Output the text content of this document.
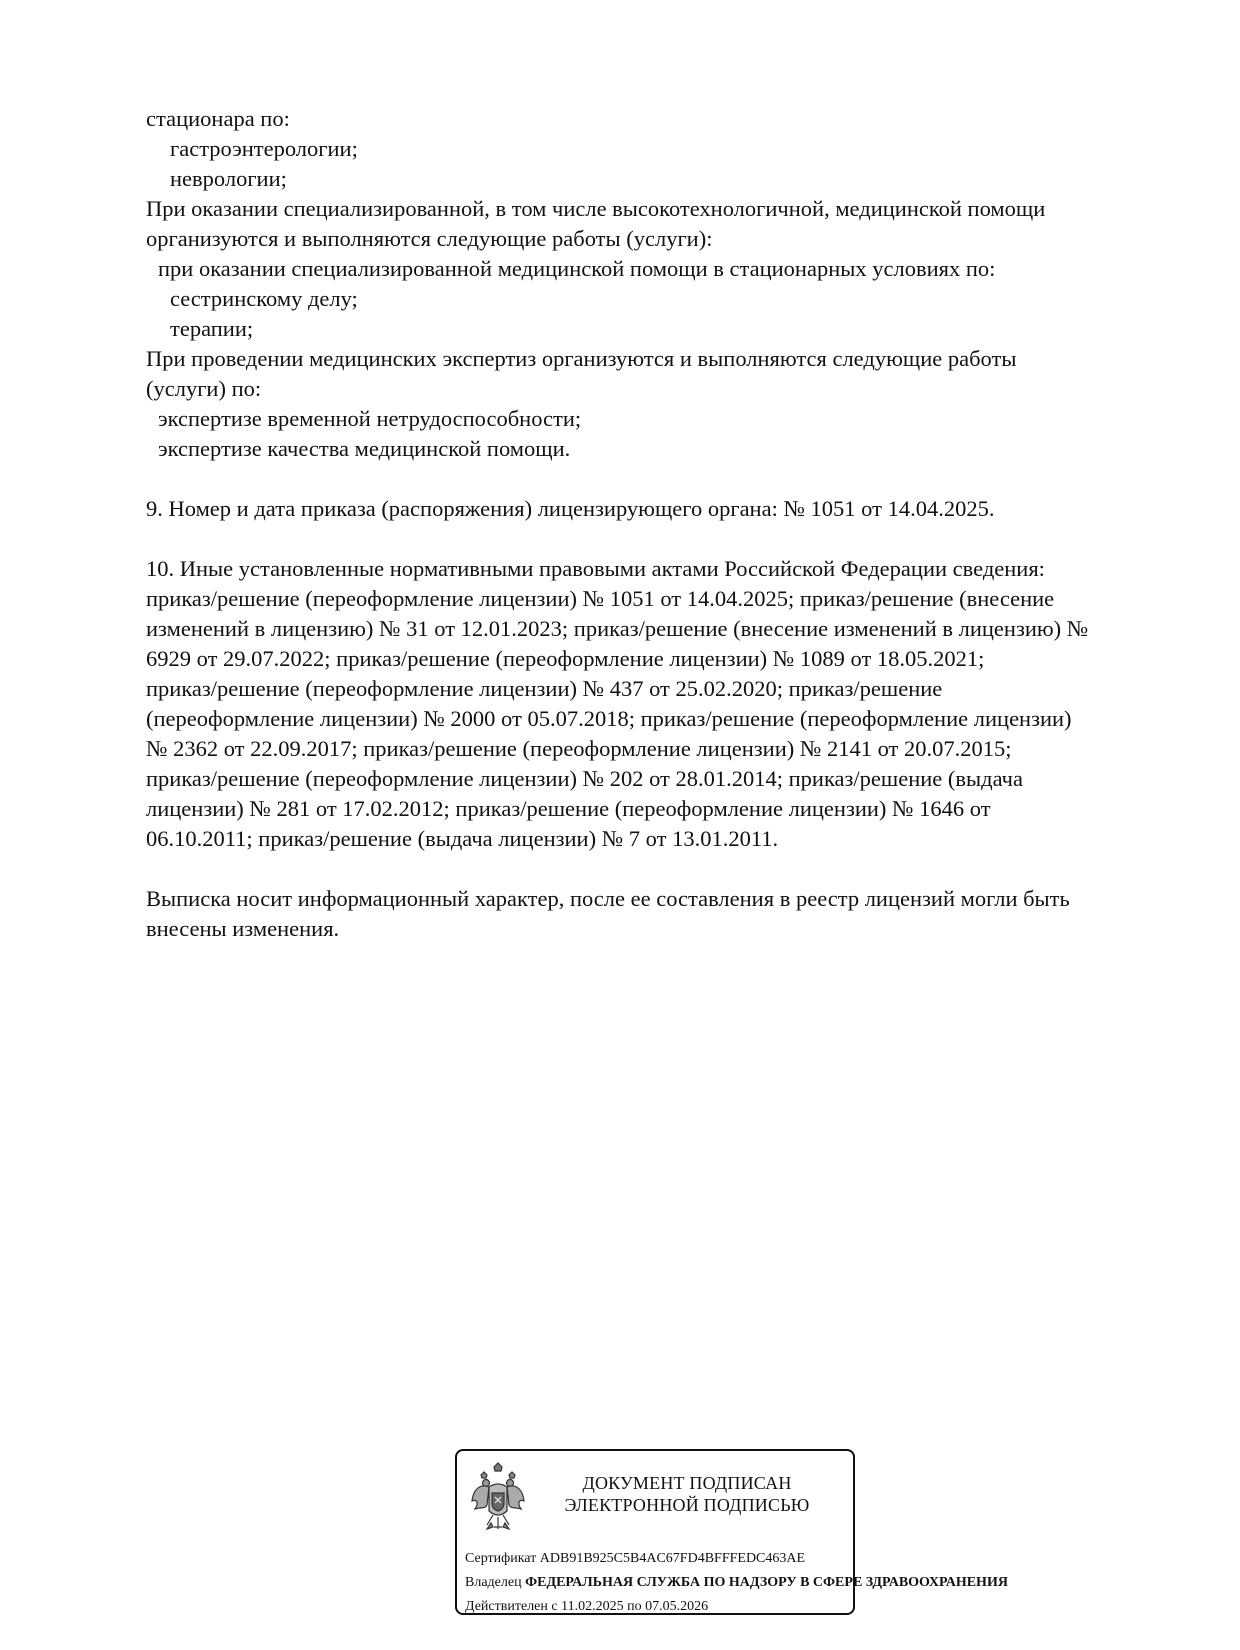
стационара по:
гастроэнтерологии;
неврологии;
При оказании специализированной, в том числе высокотехнологичной, медицинской помощи
организуются и выполняются следующие работы (услуги):
при оказании специализированной медицинской помощи в стационарных условиях по:
сестринскому делу;
терапии;
При проведении медицинских экспертиз организуются и выполняются следующие работы
(услуги) по:
экспертизе временной нетрудоспособности;
экспертизе качества медицинской помощи.
9. Номер и дата приказа (распоряжения) лицензирующего органа: № 1051 от 14.04.2025.
10. Иные установленные нормативными правовыми актами Российской Федерации сведения:
приказ/решение (переоформление лицензии) № 1051 от 14.04.2025; приказ/решение (внесение
изменений в лицензию) № 31 от 12.01.2023; приказ/решение (внесение изменений в лицензию) №
6929 от 29.07.2022; приказ/решение (переоформление лицензии) № 1089 от 18.05.2021;
приказ/решение (переоформление лицензии) № 437 от 25.02.2020; приказ/решение
(переоформление лицензии) № 2000 от 05.07.2018; приказ/решение (переоформление лицензии)
№ 2362 от 22.09.2017; приказ/решение (переоформление лицензии) № 2141 от 20.07.2015;
приказ/решение (переоформление лицензии) № 202 от 28.01.2014; приказ/решение (выдача
лицензии) № 281 от 17.02.2012; приказ/решение (переоформление лицензии) № 1646 от
06.10.2011; приказ/решение (выдача лицензии) № 7 от 13.01.2011.
Выписка носит информационный характер, после ее составления в реестр лицензий могли быть
внесены изменения.
ДОКУМЕНТ ПОДПИСАН
ЭЛЕКТРОННОЙ ПОДПИСЬЮ
Сертификат ADB91B925C5B4AC67FD4BFFFEDC463AE
Владелец ФЕДЕРАЛЬНАЯ СЛУЖБА ПО НАДЗОРУ В СФЕРЕ ЗДРАВООХРАНЕНИЯ
Действителен с 11.02.2025 по 07.05.2026
